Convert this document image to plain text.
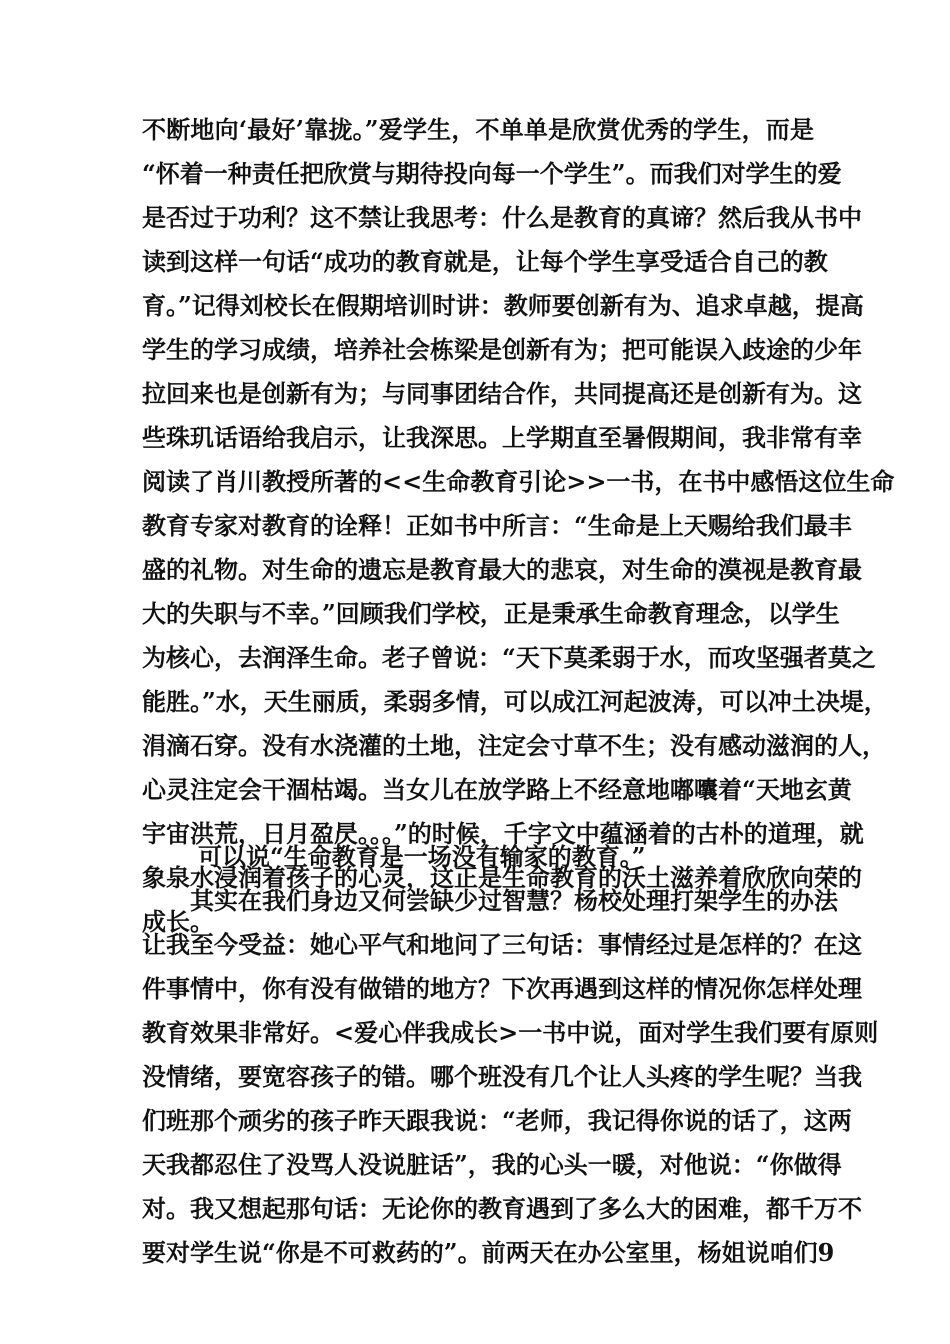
不断地向‘最好’靠拢。”爱学生，不单单是欣赏优秀的学生，而是
“怀着一种责任把欣赏与期待投向每一个学生”。而我们对学生的爱
是否过于功利？这不禁让我思考：什么是教育的真谛？然后我从书中
读到这样一句话“成功的教育就是，让每个学生享受适合自己的教
育。”记得刘校长在假期培训时讲：教师要创新有为、追求卓越，提高
学生的学习成绩，培养社会栋梁是创新有为；把可能误入歧途的少年
拉回来也是创新有为；与同事团结合作，共同提高还是创新有为。这
些珠玑话语给我启示，让我深思。上学期直至暑假期间，我非常有幸
阅读了肖川教授所著的<<生命教育引论>>一书，在书中感悟这位生命
教育专家对教育的诠释！正如书中所言：“生命是上天赐给我们最丰
盛的礼物。对生命的遗忘是教育最大的悲哀，对生命的漠视是教育最
大的失职与不幸。”回顾我们学校，正是秉承生命教育理念，以学生
为核心，去润泽生命。老子曾说：“天下莫柔弱于水，而攻坚强者莫之
能胜。”水，天生丽质，柔弱多情，可以成江河起波涛，可以冲土决堤，
涓滴石穿。没有水浇灌的土地，注定会寸草不生；没有感动滋润的人，
心灵注定会干涸枯竭。当女儿在放学路上不经意地嘟囔着“天地玄黄
宇宙洪荒，日月盈昃。。。”的时候，千字文中蕴涵着的古朴的道理，就
象泉水浸润着孩子的心灵，这正是生命教育的沃土滋养着欣欣向荣的
成长。
可以说“生命教育是一场没有输家的教育。”
其实在我们身边又何尝缺少过智慧？杨校处理打架学生的办法
让我至今受益：她心平气和地问了三句话：事情经过是怎样的？在这
件事情中，你有没有做错的地方？下次再遇到这样的情况你怎样处理
教育效果非常好。<爱心伴我成长>一书中说，面对学生我们要有原则
没情绪，要宽容孩子的错。哪个班没有几个让人头疼的学生呢？当我
们班那个顽劣的孩子昨天跟我说：“老师，我记得你说的话了，这两
天我都忍住了没骂人没说脏话”，我的心头一暖，对他说：“你做得
对。我又想起那句话：无论你的教育遇到了多么大的困难，都千万不
要对学生说“你是不可救药的”。前两天在办公室里，杨姐说咱们9
